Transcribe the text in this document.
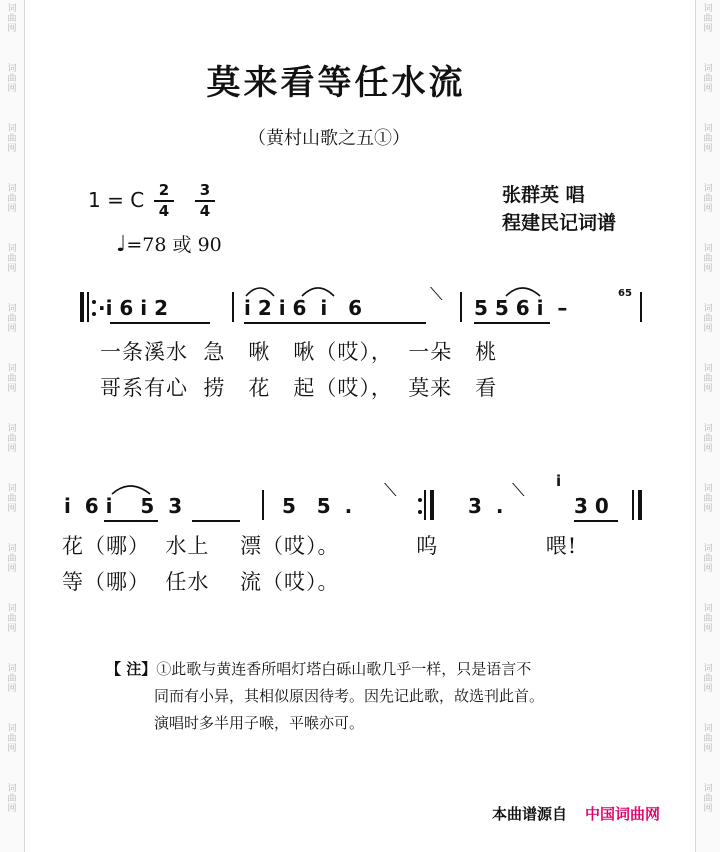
词
曲
网
词
曲
网
词
曲
网
词
曲
网
词
曲
网
词
曲
网
词
曲
网
词
曲
网
词
曲
网
词
曲
网
词
曲
网
词
曲
网
词
曲
网
词
曲
网
词
曲
网
词
曲
网
词
曲
网
词
曲
网
词
曲
网
词
曲
网
词
曲
网
词
曲
网
词
曲
网
词
曲
网
词
曲
网
词
曲
网
词
曲
网
词
曲
网
莫来看等任水流
（黄村山歌之五①）
1 = C $\frac{2}{4} \frac{3}{4}$
♩=78 或 90
张群英 唱
程建民记词谱
·i 6 i 2	i 2 i 6  i   6
⟍
5 5 6 i  –
65
一条溪水  急   啾   啾（哎），  一朵   桃
哥系有心  捞   花   起（哎），  莫来   看
i  6 i    5  3	5   5  .
⟍
3  .
⟍ i
3 0
花（哪）  水上    漂（哎）。          呜              喂!
等（哪）  任水    流（哎）。
【 注】①此歌与黄连香所唱灯塔白砾山歌几乎一样，只是语言不
同而有小异，其相似原因待考。因先记此歌，故选刊此首。
演唱时多半用子喉，平喉亦可。
本曲谱源自 中国词曲网
